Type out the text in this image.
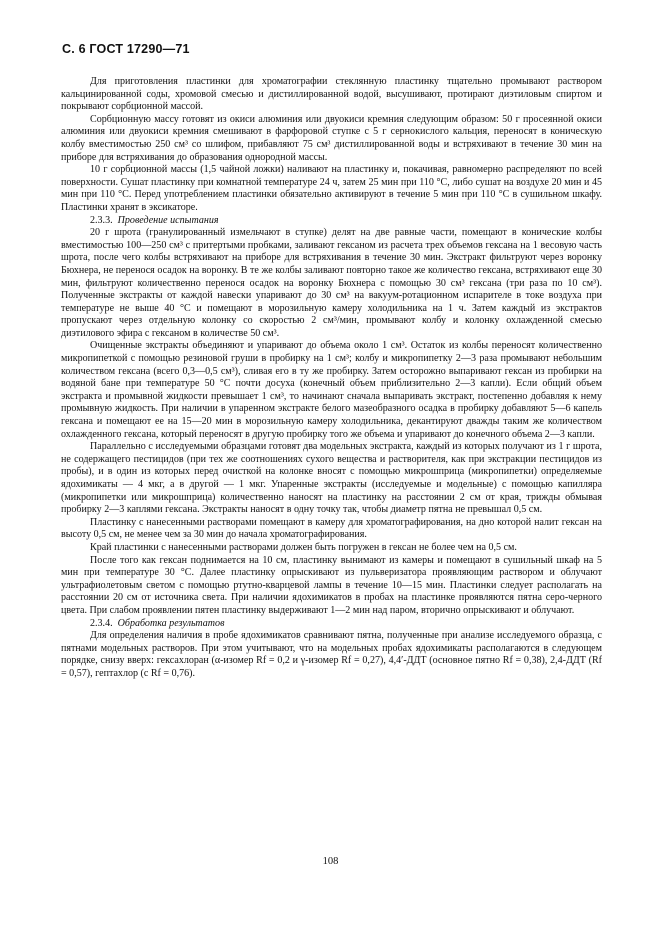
С. 6 ГОСТ 17290—71

Для приготовления пластинки для хроматографии стеклянную пластинку тщательно промывают раствором кальцинированной соды, хромовой смесью и дистиллированной водой, высушивают, протирают диэтиловым спиртом и покрывают сорбционной массой.

Сорбционную массу готовят из окиси алюминия или двуокиси кремния следующим образом: 50 г просеянной окиси алюминия или двуокиси кремния смешивают в фарфоровой ступке с 5 г сернокислого кальция, переносят в коническую колбу вместимостью 250 см³ со шлифом, прибавляют 75 см³ дистиллированной воды и встряхивают в течение 30 мин на приборе для встряхивания до образования однородной массы.

10 г сорбционной массы (1,5 чайной ложки) наливают на пластинку и, покачивая, равномерно распределяют по всей поверхности. Сушат пластинку при комнатной температуре 24 ч, затем 25 мин при 110 °С, либо сушат на воздухе 20 мин и 45 мин при 110 °С. Перед употреблением пластинки обязательно активируют в течение 5 мин при 110 °С в сушильном шкафу. Пластинки хранят в эксикаторе.

2.3.3. Проведение испытания

20 г шрота (гранулированный измельчают в ступке) делят на две равные части, помещают в конические колбы вместимостью 100—250 см³ с притертыми пробками, заливают гексаном из расчета трех объемов гексана на 1 весовую часть шрота, после чего колбы встряхивают на приборе для встряхивания в течение 30 мин. Экстракт фильтруют через воронку Бюхнера, не перенося осадок на воронку. В те же колбы заливают повторно такое же количество гексана, встряхивают еще 30 мин, фильтруют количественно перенося осадок на воронку Бюхнера с помощью 30 см³ гексана (три раза по 10 см³). Полученные экстракты от каждой навески упаривают до 30 см³ на вакуум-ротационном испарителе в токе воздуха при температуре не выше 40 °С и помещают в морозильную камеру холодильника на 1 ч. Затем каждый из экстрактов пропускают через отдельную колонку со скоростью 2 см³/мин, промывают колбу и колонку охлажденной смесью диэтилового эфира с гексаном в количестве 50 см³.

Очищенные экстракты объединяют и упаривают до объема около 1 см³. Остаток из колбы переносят количественно микропипеткой с помощью резиновой груши в пробирку на 1 см³; колбу и микропипетку 2—3 раза промывают небольшим количеством гексана (всего 0,3—0,5 см³), сливая его в ту же пробирку. Затем осторожно выпаривают гексан из пробирки на водяной бане при температуре 50 °С почти досуха (конечный объем приблизительно 2—3 капли). Если общий объем экстракта и промывной жидкости превышает 1 см³, то начинают сначала выпаривать экстракт, постепенно добавляя к нему промывную жидкость. При наличии в упаренном экстракте белого мазеобразного осадка в пробирку добавляют 5—6 капель гексана и помещают ее на 15—20 мин в морозильную камеру холодильника, декантируют дважды таким же количеством охлажденного гексана, который переносят в другую пробирку того же объема и упаривают до конечного объема 2—3 капли.

Параллельно с исследуемыми образцами готовят два модельных экстракта, каждый из которых получают из 1 г шрота, не содержащего пестицидов (при тех же соотношениях сухого вещества и растворителя, как при экстракции пестицидов из пробы), и в один из которых перед очисткой на колонке вносят с помощью микрошприца (микропипетки) определяемые ядохимикаты — 4 мкг, а в другой — 1 мкг. Упаренные экстракты (исследуемые и модельные) с помощью капилляра (микропипетки или микрошприца) количественно наносят на пластинку на расстоянии 2 см от края, трижды обмывая пробирку 2—3 каплями гексана. Экстракты наносят в одну точку так, чтобы диаметр пятна не превышал 0,5 см.

Пластинку с нанесенными растворами помещают в камеру для хроматографирования, на дно которой налит гексан на высоту 0,5 см, не менее чем за 30 мин до начала хроматографирования.

Край пластинки с нанесенными растворами должен быть погружен в гексан не более чем на 0,5 см.

После того как гексан поднимается на 10 см, пластинку вынимают из камеры и помещают в сушильный шкаф на 5 мин при температуре 30 °С. Далее пластинку опрыскивают из пульверизатора проявляющим раствором и облучают ультрафиолетовым светом с помощью ртутно-кварцевой лампы в течение 10—15 мин. Пластинки следует располагать на расстоянии 20 см от источника света. При наличии ядохимикатов в пробах на пластинке проявляются пятна серо-черного цвета. При слабом проявлении пятен пластинку выдерживают 1—2 мин над паром, вторично опрыскивают и облучают.

2.3.4. Обработка результатов

Для определения наличия в пробе ядохимикатов сравнивают пятна, полученные при анализе исследуемого образца, с пятнами модельных растворов. При этом учитывают, что на модельных пробах ядохимикаты располагаются в следующем порядке, снизу вверх: гексахлоран (α-изомер Rf = 0,2 и γ-изомер Rf = 0,27), 4,4′-ДДТ (основное пятно Rf = 0,38), 2,4-ДДТ (Rf = 0,57), гептахлор (с Rf = 0,76).

108
